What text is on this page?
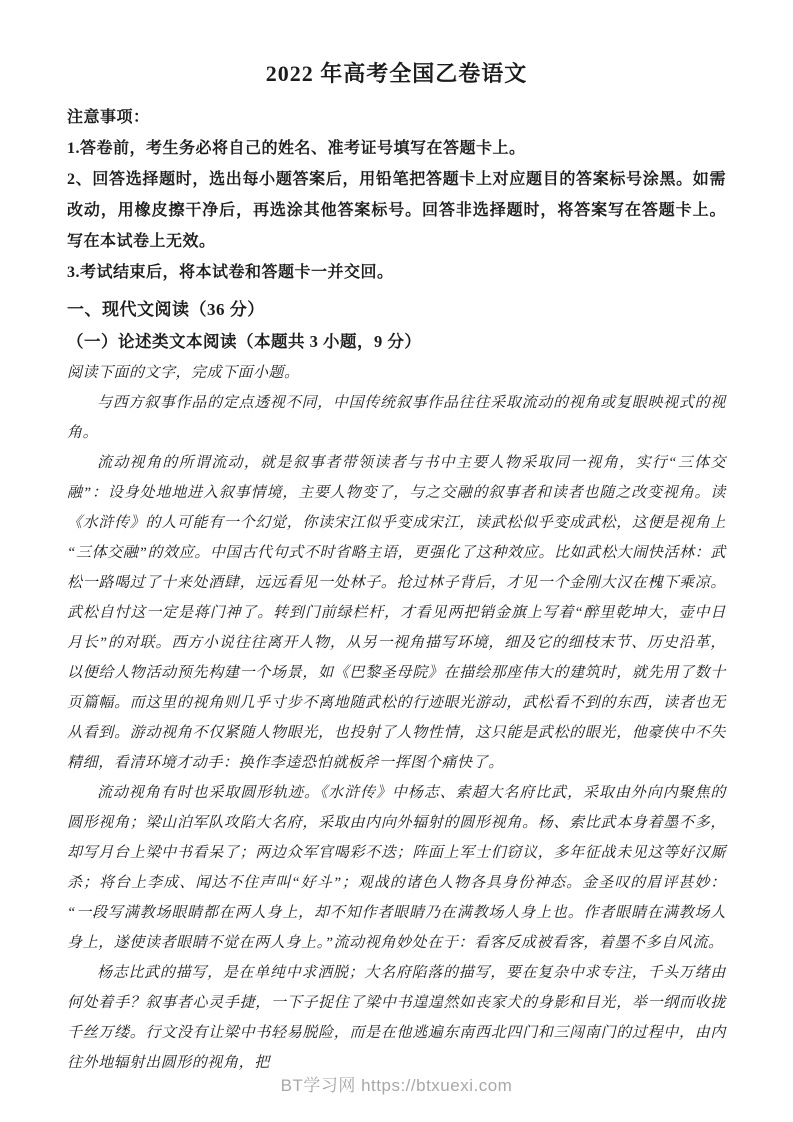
2022 年高考全国乙卷语文

注意事项：

1.答卷前，考生务必将自己的姓名、准考证号填写在答题卡上。

2、回答选择题时，选出每小题答案后，用铅笔把答题卡上对应题目的答案标号涂黑。如需改动，用橡皮擦干净后，再选涂其他答案标号。回答非选择题时，将答案写在答题卡上。写在本试卷上无效。

3.考试结束后，将本试卷和答题卡一并交回。

一、现代文阅读（36 分）
（一）论述类文本阅读（本题共 3 小题，9 分）

阅读下面的文字，完成下面小题。

与西方叙事作品的定点透视不同，中国传统叙事作品往往采取流动的视角或复眼映视式的视角。

流动视角的所谓流动，就是叙事者带领读者与书中主要人物采取同一视角，实行“三体交融”：设身处地地进入叙事情境，主要人物变了，与之交融的叙事者和读者也随之改变视角。读《水浒传》的人可能有一个幻觉，你读宋江似乎变成宋江，读武松似乎变成武松，这便是视角上“三体交融”的效应。中国古代句式不时省略主语，更强化了这种效应。比如武松大闹快活林：武松一路喝过了十来处酒肆，远远看见一处林子。抢过林子背后，才见一个金刚大汉在槐下乘凉。武松自忖这一定是蒋门神了。转到门前绿栏杆，才看见两把销金旗上写着“醉里乾坤大，壶中日月长”的对联。西方小说往往离开人物，从另一视角描写环境，细及它的细枝末节、历史沿革，以便给人物活动预先构建一个场景，如《巴黎圣母院》在描绘那座伟大的建筑时，就先用了数十页篇幅。而这里的视角则几乎寸步不离地随武松的行迹眼光游动，武松看不到的东西，读者也无从看到。游动视角不仅紧随人物眼光，也投射了人物性情，这只能是武松的眼光，他豪侠中不失精细，看清环境才动手：换作李逵恐怕就板斧一挥图个痛快了。

流动视角有时也采取圆形轨迹。《水浒传》中杨志、索超大名府比武，采取由外向内聚焦的圆形视角；梁山泊军队攻陷大名府，采取由内向外辐射的圆形视角。杨、索比武本身着墨不多，却写月台上梁中书看呆了；两边众军官喝彩不迭；阵面上军士们窃议，多年征战未见这等好汉厮杀；将台上李成、闻达不住声叫“好斗”；观战的诸色人物各具身份神态。金圣叹的眉评甚妙：“一段写满教场眼睛都在两人身上，却不知作者眼睛乃在满教场人身上也。作者眼睛在满教场人身上，遂使读者眼睛不觉在两人身上。”流动视角妙处在于：看客反成被看客，着墨不多自风流。

杨志比武的描写，是在单纯中求洒脱；大名府陷落的描写，要在复杂中求专注，千头万绪由何处着手？叙事者心灵手捷，一下子捉住了梁中书遑遑然如丧家犬的身影和目光，举一纲而收拢千丝万缕。行文没有让梁中书轻易脱险，而是在他逃遍东南西北四门和三闯南门的过程中，由内往外地辐射出圆形的视角，把

BT学习网 https://btxuexi.com
